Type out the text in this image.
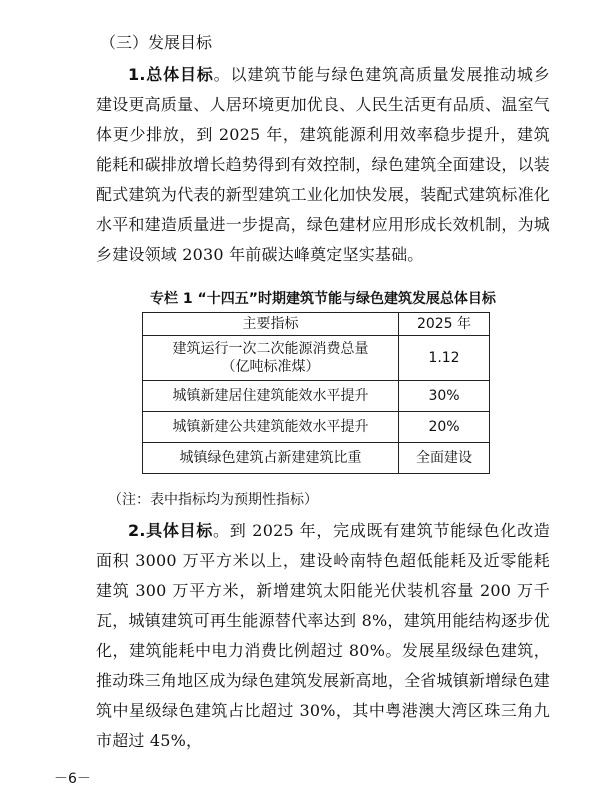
（三）发展目标
1.总体目标。以建筑节能与绿色建筑高质量发展推动城乡建设更高质量、人居环境更加优良、人民生活更有品质、温室气体更少排放，到 2025 年，建筑能源利用效率稳步提升，建筑能耗和碳排放增长趋势得到有效控制，绿色建筑全面建设，以装配式建筑为代表的新型建筑工业化加快发展，装配式建筑标准化水平和建造质量进一步提高，绿色建材应用形成长效机制，为城乡建设领域 2030 年前碳达峰奠定坚实基础。
专栏 1 “十四五”时期建筑节能与绿色建筑发展总体目标
主要指标	2025 年

建筑运行一次二次能源消费总量
（亿吨标准煤）	1.12
城镇新建居住建筑能效水平提升	30%
城镇新建公共建筑能效水平提升	20%
城镇绿色建筑占新建建筑比重	全面建设
（注：表中指标均为预期性指标）
2.具体目标。到 2025 年，完成既有建筑节能绿色化改造面积 3000 万平方米以上，建设岭南特色超低能耗及近零能耗建筑 300 万平方米，新增建筑太阳能光伏装机容量 200 万千瓦，城镇建筑可再生能源替代率达到 8%，建筑用能结构逐步优化，建筑能耗中电力消费比例超过 80%。发展星级绿色建筑，推动珠三角地区成为绿色建筑发展新高地，全省城镇新增绿色建筑中星级绿色建筑占比超过 30%，其中粤港澳大湾区珠三角九市超过 45%，
－6－
